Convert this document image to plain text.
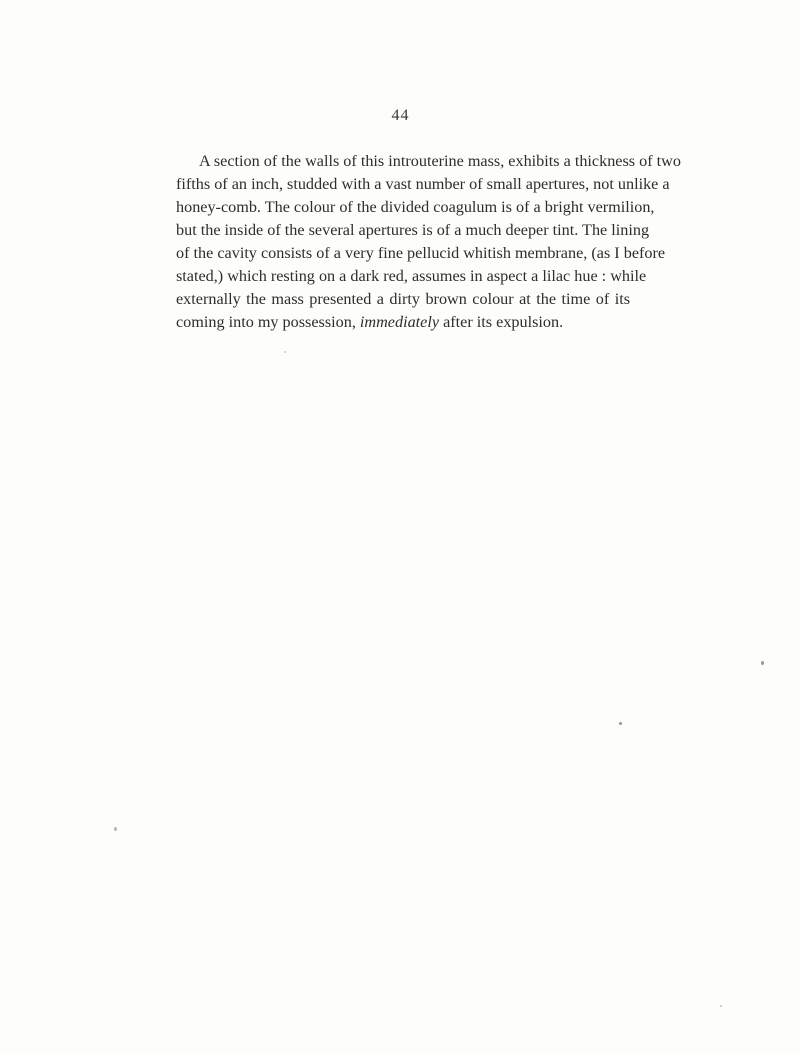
44
A section of the walls of this introuterine mass, exhibits a thickness of two
fifths of an inch, studded with a vast number of small apertures, not unlike a
honey-comb. The colour of the divided coagulum is of a bright vermilion,
but the inside of the several apertures is of a much deeper tint. The lining
of the cavity consists of a very fine pellucid whitish membrane, (as I before
stated,) which resting on a dark red, assumes in aspect a lilac hue : while
externally the mass presented a dirty brown colour at the time of its
coming into my possession, immediately after its expulsion.
